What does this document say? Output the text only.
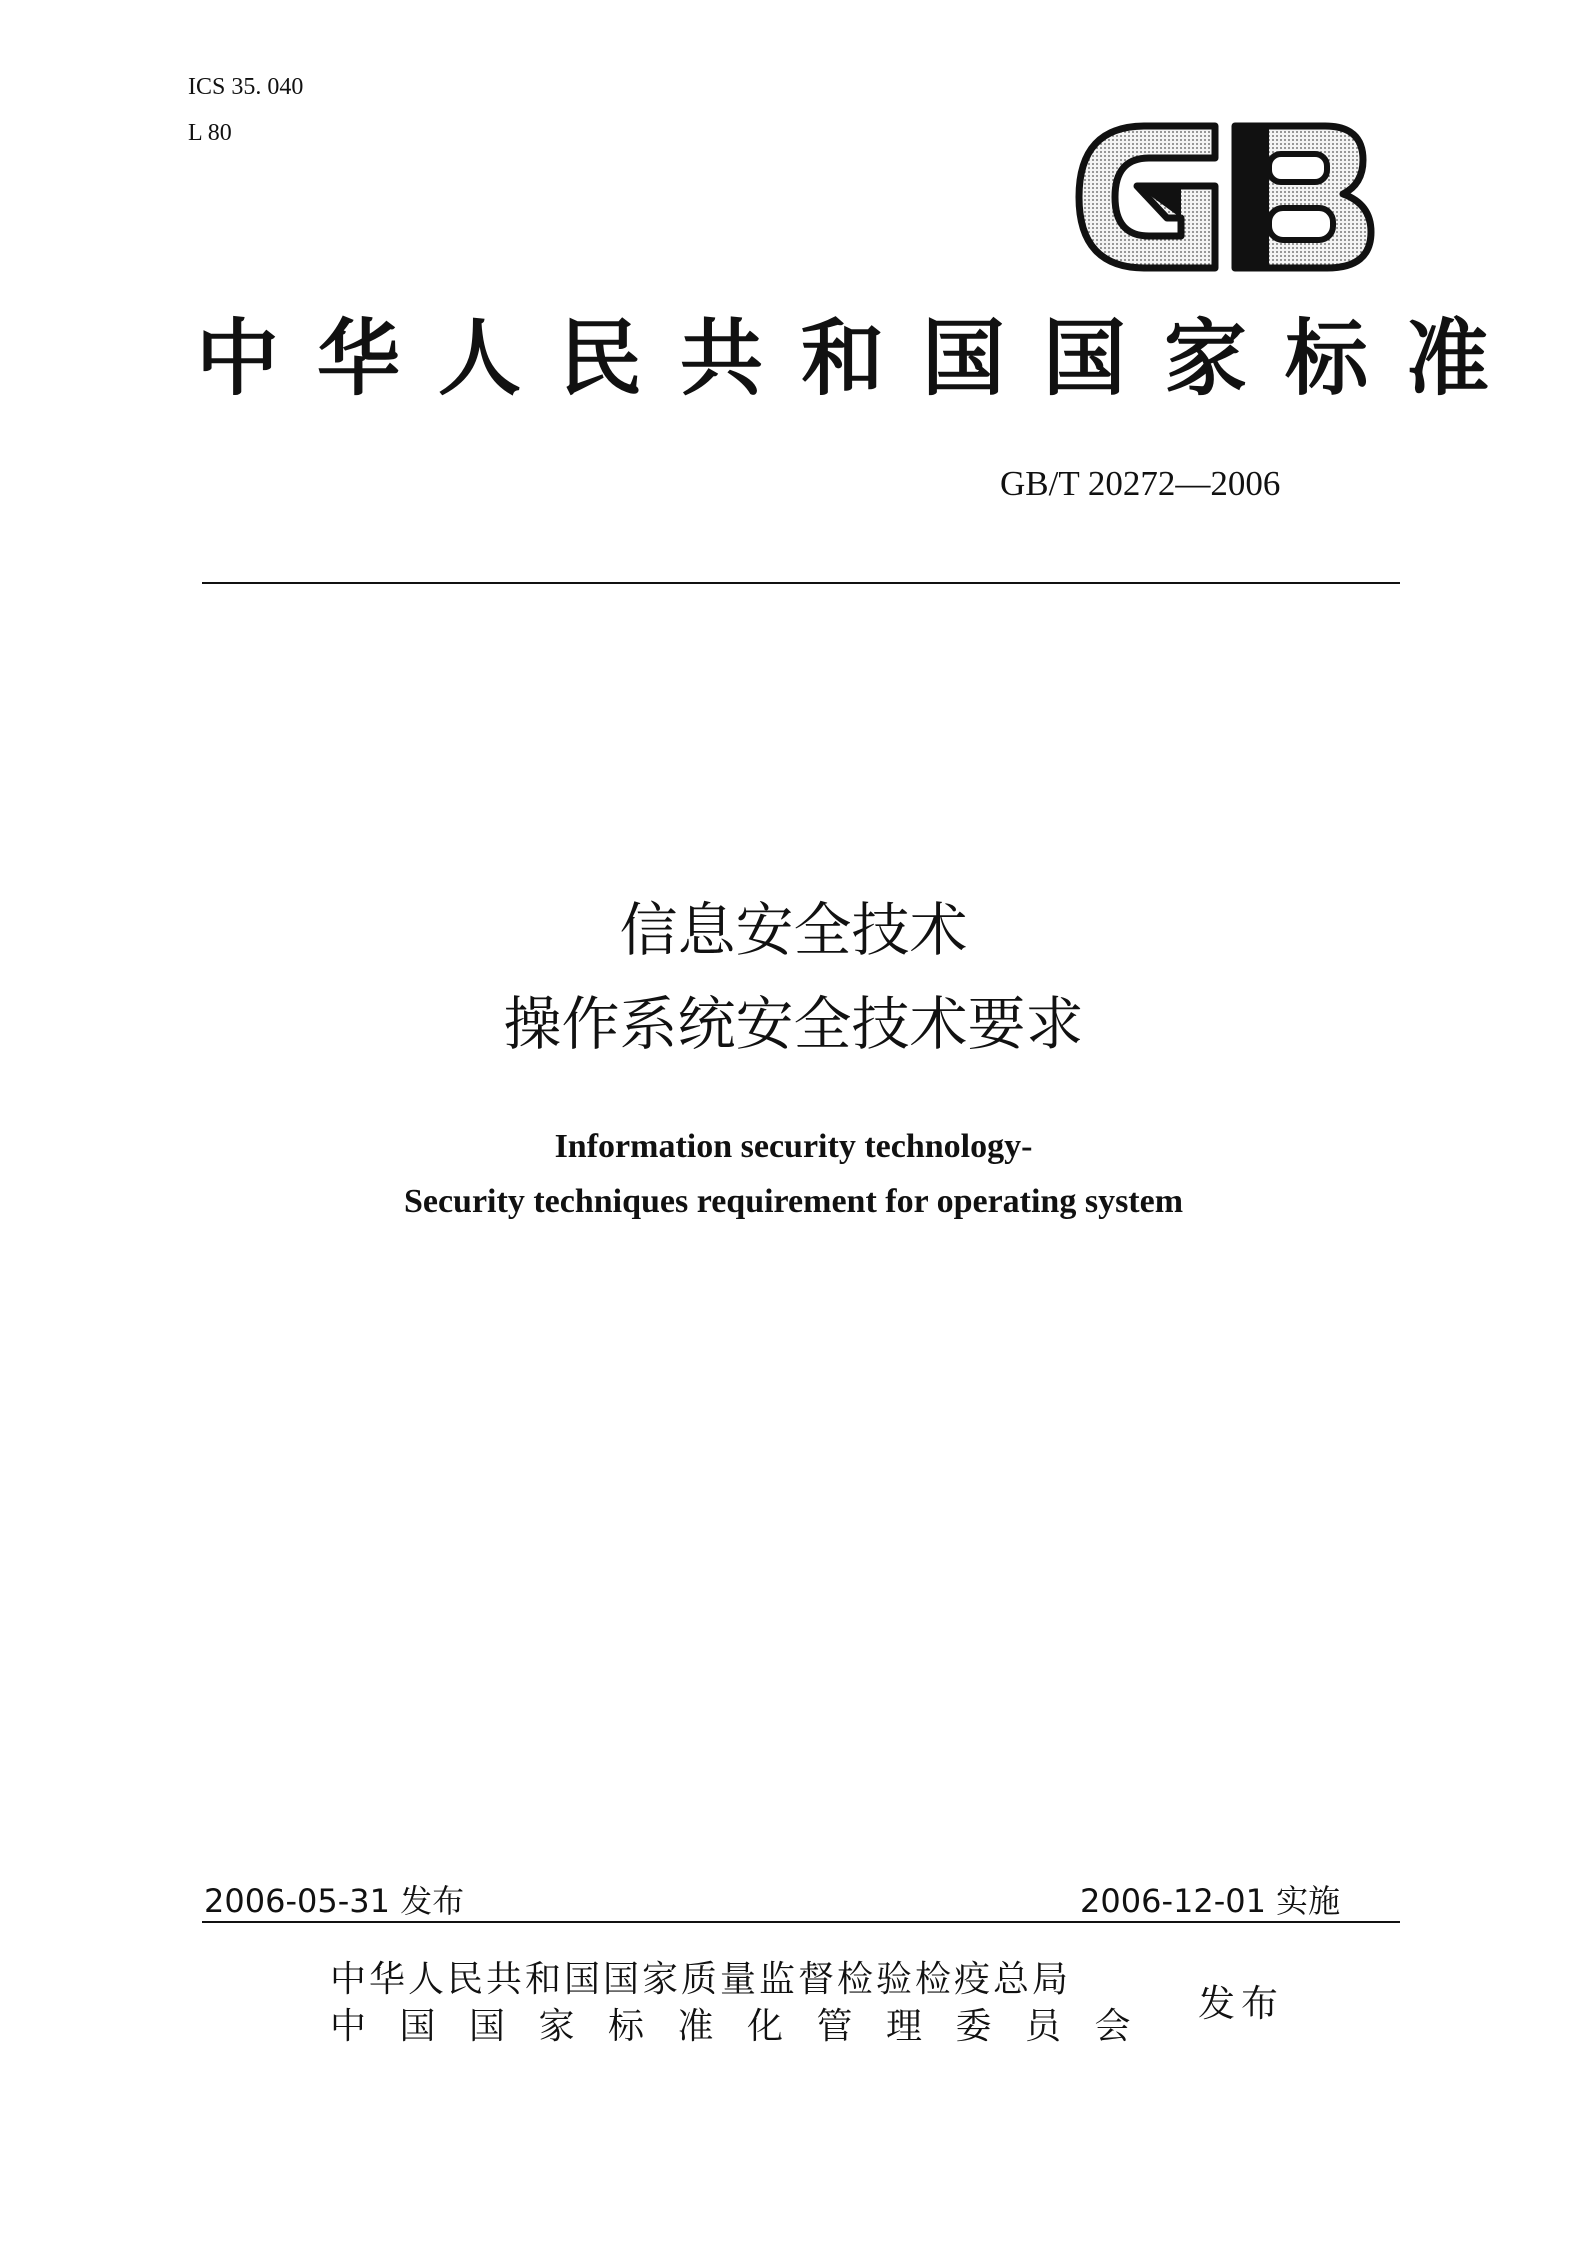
ICS 35. 040
L 80
中华人民共和国国家标准
GB/T 20272—2006
信息安全技术
操作系统安全技术要求
Information security technology-
Security techniques requirement for operating system
2006-05-31 发布	2006-12-01 实施
中华人民共和国国家质量监督检验检疫总局
中国国家标准化管理委员会
发布
